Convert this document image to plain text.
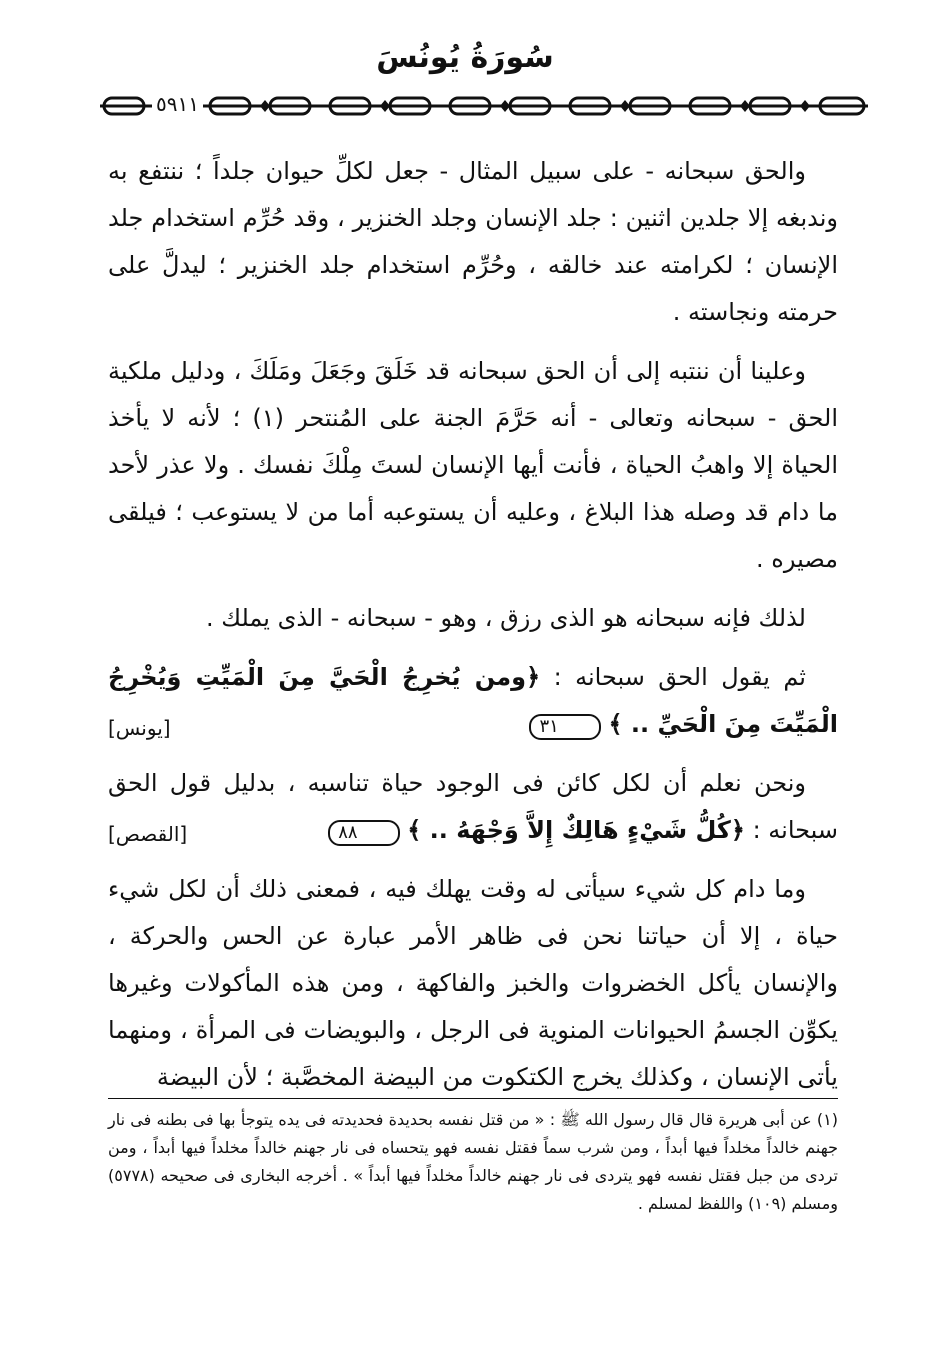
سُورَةُ يُونُسَ
٥٩١١

والحق سبحانه - على سبيل المثال - جعل لكلِّ حيوان جلداً ؛ ننتفع به وندبغه إلا جلدين اثنين : جلد الإنسان وجلد الخنزير ، وقد حُرِّم استخدام جلد الإنسان ؛ لكرامته عند خالقه ، وحُرِّم استخدام جلد الخنزير ؛ ليدلَّ على حرمته ونجاسته .

وعلينا أن ننتبه إلى أن الحق سبحانه قد خَلَقَ وجَعَلَ ومَلَكَ ، ودليل ملكية الحق - سبحانه وتعالى - أنه حَرَّمَ الجنة على المُنتحر (١) ؛ لأنه لا يأخذ الحياة إلا واهبُ الحياة ، فأنت أيها الإنسان لستَ مِلْكَ نفسك . ولا عذر لأحد ما دام قد وصله هذا البلاغ ، وعليه أن يستوعبه أما من لا يستوعب ؛ فيلقى مصيره .

لذلك فإنه سبحانه هو الذى رزق ، وهو - سبحانه - الذى يملك .

ثم يقول الحق سبحانه : ﴿ومن يُخرِجُ الْحَيَّ مِنَ الْمَيِّتِ وَيُخْرِجُ الْمَيِّتَ مِنَ الْحَيِّ .. ﴾ ٣١
[يونس]

ونحن نعلم أن لكل كائن فى الوجود حياة تناسبه ، بدليل قول الحق سبحانه : ﴿كُلُّ شَيْءٍ هَالِكٌ إِلاَّ وَجْهَهُ .. ﴾ ٨٨
[القصص]

وما دام كل شيء سيأتى له وقت يهلك فيه ، فمعنى ذلك أن لكل شيء حياة ، إلا أن حياتنا نحن فى ظاهر الأمر عبارة عن الحس والحركة ، والإنسان يأكل الخضروات والخبز والفاكهة ، ومن هذه المأكولات وغيرها يكوِّن الجسمُ الحيوانات المنوية فى الرجل ، والبويضات فى المرأة ، ومنهما يأتى الإنسان ، وكذلك يخرج الكتكوت من البيضة المخصَّبة ؛ لأن البيضة

(١) عن أبى هريرة قال قال رسول الله ﷺ : « من قتل نفسه بحديدة فحديدته فى يده يتوجأ بها فى بطنه فى نار جهنم خالداً مخلداً فيها أبداً ، ومن شرب سماً فقتل نفسه فهو يتحساه فى نار جهنم خالداً مخلداً فيها أبداً ، ومن تردى من جبل فقتل نفسه فهو يتردى فى نار جهنم خالداً مخلداً فيها أبداً » . أخرجه البخارى فى صحيحه (٥٧٧٨) ومسلم (١٠٩) واللفظ لمسلم .
